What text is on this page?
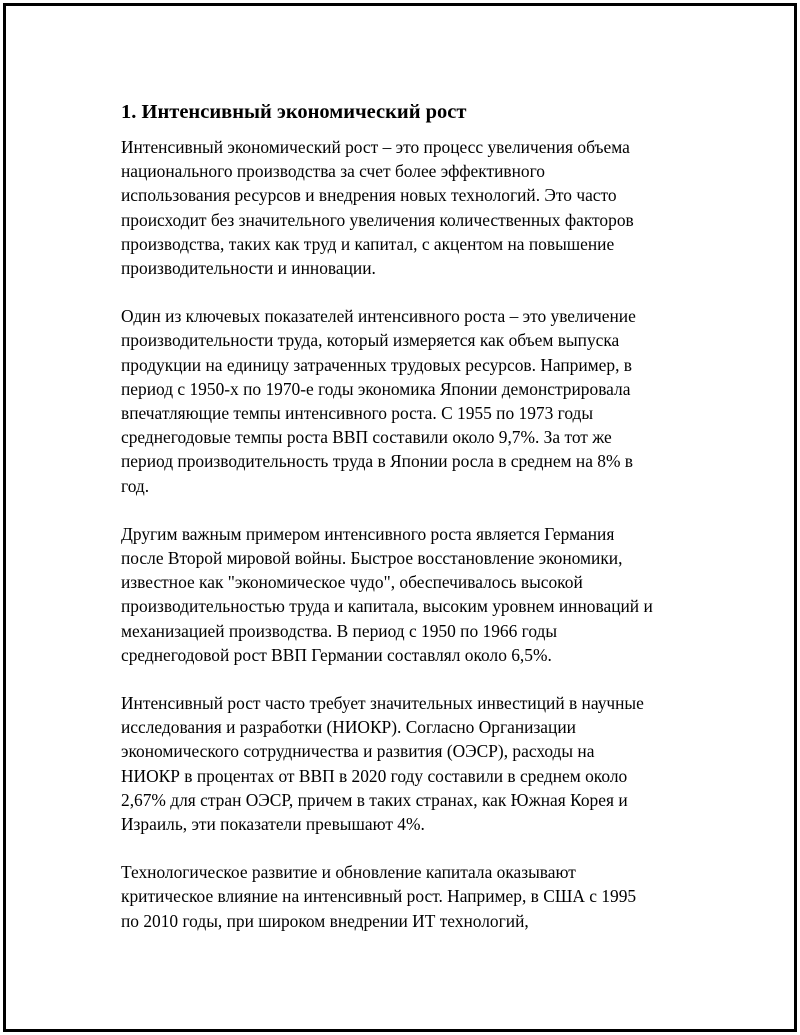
1. Интенсивный экономический рост

Интенсивный экономический рост – это процесс увеличения объема
национального производства за счет более эффективного
использования ресурсов и внедрения новых технологий. Это часто
происходит без значительного увеличения количественных факторов
производства, таких как труд и капитал, с акцентом на повышение
производительности и инновации.

Один из ключевых показателей интенсивного роста – это увеличение
производительности труда, который измеряется как объем выпуска
продукции на единицу затраченных трудовых ресурсов. Например, в
период с 1950-х по 1970-е годы экономика Японии демонстрировала
впечатляющие темпы интенсивного роста. С 1955 по 1973 годы
среднегодовые темпы роста ВВП составили около 9,7%. За тот же
период производительность труда в Японии росла в среднем на 8% в
год.

Другим важным примером интенсивного роста является Германия
после Второй мировой войны. Быстрое восстановление экономики,
известное как "экономическое чудо", обеспечивалось высокой
производительностью труда и капитала, высоким уровнем инноваций и
механизацией производства. В период с 1950 по 1966 годы
среднегодовой рост ВВП Германии составлял около 6,5%.

Интенсивный рост часто требует значительных инвестиций в научные
исследования и разработки (НИОКР). Согласно Организации
экономического сотрудничества и развития (ОЭСР), расходы на
НИОКР в процентах от ВВП в 2020 году составили в среднем около
2,67% для стран ОЭСР, причем в таких странах, как Южная Корея и
Израиль, эти показатели превышают 4%.

Технологическое развитие и обновление капитала оказывают
критическое влияние на интенсивный рост. Например, в США с 1995
по 2010 годы, при широком внедрении ИТ технологий,
